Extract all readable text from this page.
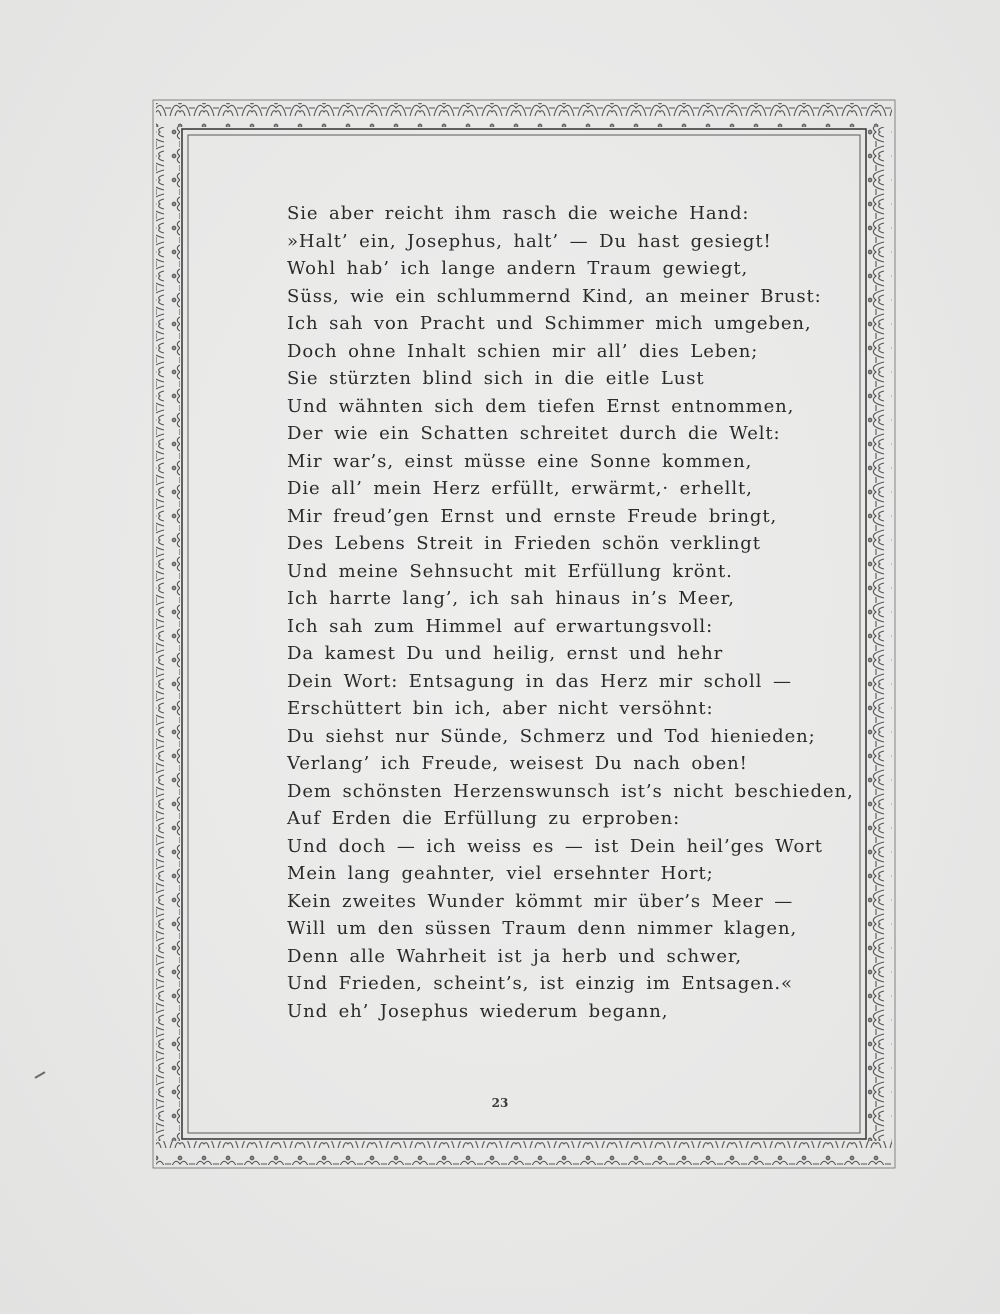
Sie aber reicht ihm rasch die weiche Hand:
»Halt’ ein, Josephus, halt’ — Du hast gesiegt!
Wohl hab’ ich lange andern Traum gewiegt,
Süss, wie ein schlummernd Kind, an meiner Brust:
Ich sah von Pracht und Schimmer mich umgeben,
Doch ohne Inhalt schien mir all’ dies Leben;
Sie stürzten blind sich in die eitle Lust
Und wähnten sich dem tiefen Ernst entnommen,
Der wie ein Schatten schreitet durch die Welt:
Mir war’s, einst müsse eine Sonne kommen,
Die all’ mein Herz erfüllt, erwärmt,· erhellt,
Mir freud’gen Ernst und ernste Freude bringt,
Des Lebens Streit in Frieden schön verklingt
Und meine Sehnsucht mit Erfüllung krönt.
Ich harrte lang’, ich sah hinaus in’s Meer,
Ich sah zum Himmel auf erwartungsvoll:
Da kamest Du und heilig, ernst und hehr
Dein Wort: Entsagung in das Herz mir scholl —
Erschüttert bin ich, aber nicht versöhnt:
Du siehst nur Sünde, Schmerz und Tod hienieden;
Verlang’ ich Freude, weisest Du nach oben!
Dem schönsten Herzenswunsch ist’s nicht beschieden,
Auf Erden die Erfüllung zu erproben:
Und doch — ich weiss es — ist Dein heil’ges Wort
Mein lang geahnter, viel ersehnter Hort;
Kein zweites Wunder kömmt mir über’s Meer —
Will um den süssen Traum denn nimmer klagen,
Denn alle Wahrheit ist ja herb und schwer,
Und Frieden, scheint’s, ist einzig im Entsagen.«
Und eh’ Josephus wiederum begann,
23
